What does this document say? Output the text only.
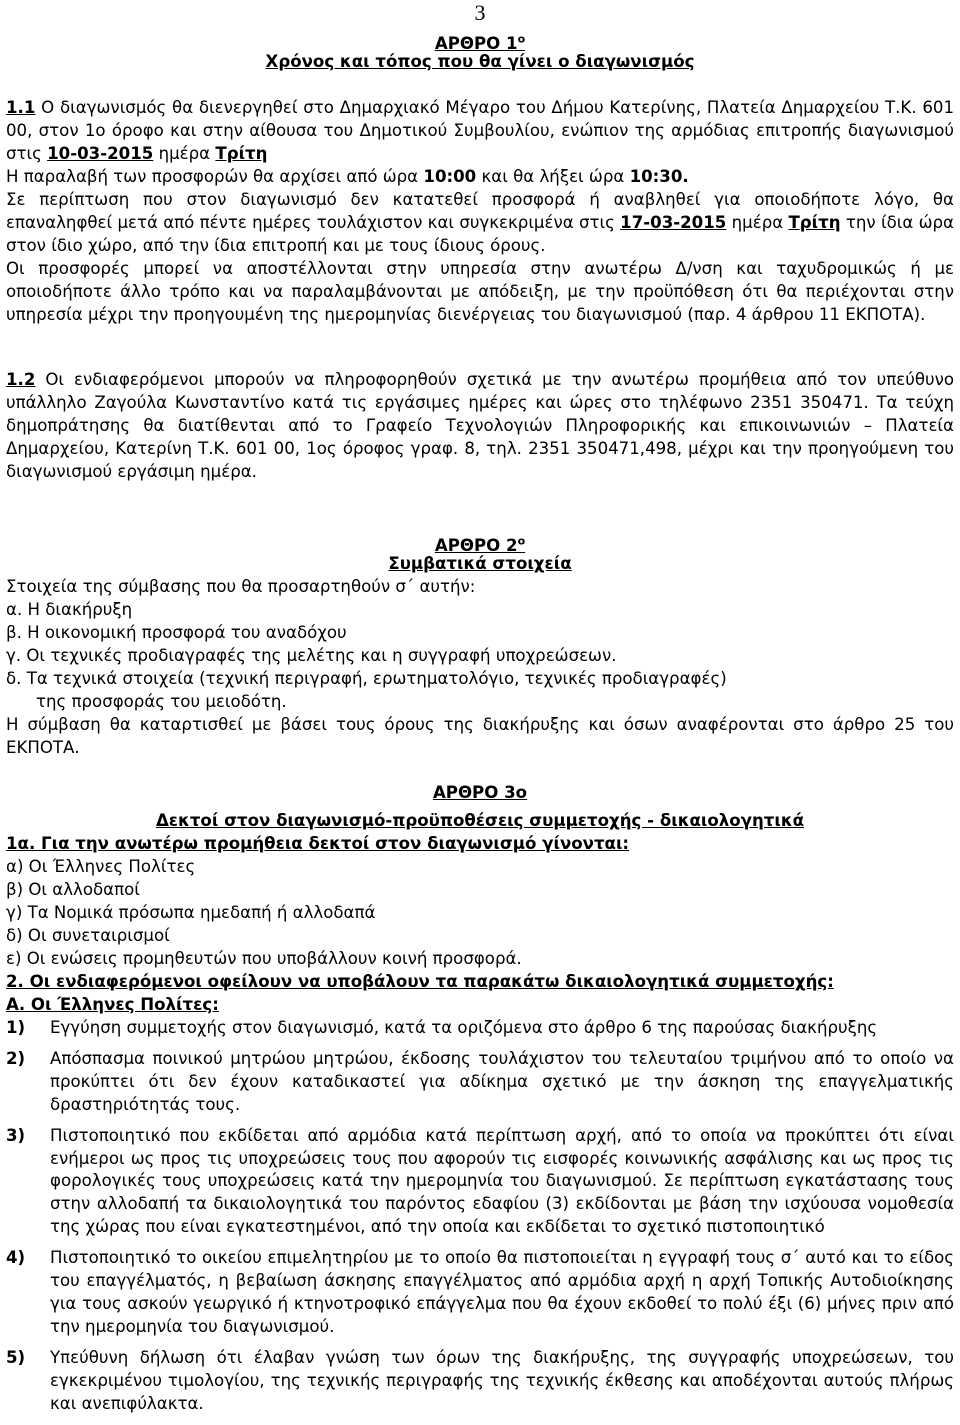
3
ΑΡΘΡΟ $1^o$
Χρόνος και τόπος που θα γίνει ο διαγωνισμός
1.1 Ο διαγωνισμός θα διενεργηθεί στο Δημαρχιακό Μέγαρο του Δήμου Κατερίνης, Πλατεία Δημαρχείου Τ.Κ. 601 00, στον 1ο όροφο και στην αίθουσα του Δημοτικού Συμβουλίου, ενώπιον της αρμόδιας επιτροπής διαγωνισμού στις 10-03-2015 ημέρα Τρίτη
Η παραλαβή των προσφορών θα αρχίσει από ώρα 10:00 και θα λήξει ώρα 10:30.
Σε περίπτωση που στον διαγωνισμό δεν κατατεθεί προσφορά ή αναβληθεί για οποιοδήποτε λόγο, θα επαναληφθεί μετά από πέντε ημέρες τουλάχιστον και συγκεκριμένα στις 17-03-2015 ημέρα Τρίτη την ίδια ώρα στον ίδιο χώρο, από την ίδια επιτροπή και με τους ίδιους όρους.
Οι προσφορές μπορεί να αποστέλλονται στην υπηρεσία στην ανωτέρω Δ/νση και ταχυδρομικώς ή με οποιοδήποτε άλλο τρόπο και να παραλαμβάνονται με απόδειξη, με την προϋπόθεση ότι θα περιέχονται στην υπηρεσία μέχρι την προηγουμένη της ημερομηνίας διενέργειας του διαγωνισμού (παρ. 4 άρθρου 11 ΕΚΠΟΤΑ).
1.2 Οι ενδιαφερόμενοι μπορούν να πληροφορηθούν σχετικά με την ανωτέρω προμήθεια από τον υπεύθυνο υπάλληλο Ζαγούλα Κωνσταντίνο κατά τις εργάσιμες ημέρες και ώρες στο τηλέφωνο 2351 350471. Τα τεύχη δημοπράτησης θα διατίθενται από το Γραφείο Τεχνολογιών Πληροφορικής και επικοινωνιών – Πλατεία Δημαρχείου, Κατερίνη Τ.Κ. 601 00, 1ος όροφος γραφ. 8, τηλ. 2351 350471,498, μέχρι και την προηγούμενη του διαγωνισμού εργάσιμη ημέρα.
ΑΡΘΡΟ $2^o$
Συμβατικά στοιχεία
Στοιχεία της σύμβασης που θα προσαρτηθούν σ΄ αυτήν:
α. Η διακήρυξη
β. Η οικονομική προσφορά του αναδόχου
γ. Οι τεχνικές προδιαγραφές της μελέτης και η συγγραφή υποχρεώσεων.
δ. Τα τεχνικά στοιχεία (τεχνική περιγραφή, ερωτηματολόγιο, τεχνικές προδιαγραφές)
της προσφοράς του μειοδότη.
Η σύμβαση θα καταρτισθεί με βάσει τους όρους της διακήρυξης και όσων αναφέρονται στο άρθρο 25 του ΕΚΠΟΤΑ.
ΑΡΘΡΟ 3ο
Δεκτοί στον διαγωνισμό-προϋποθέσεις συμμετοχής - δικαιολογητικά
1α. Για την ανωτέρω προμήθεια δεκτοί στον διαγωνισμό γίνονται:
α) Οι Έλληνες Πολίτες
β) Οι αλλοδαποί
γ) Τα Νομικά πρόσωπα ημεδαπή ή αλλοδαπά
δ) Οι συνεταιρισμοί
ε) Οι ενώσεις προμηθευτών που υποβάλλουν κοινή προσφορά.
2. Οι ενδιαφερόμενοι οφείλουν να υποβάλουν τα παρακάτω δικαιολογητικά συμμετοχής:
Α. Οι Έλληνες Πολίτες:
1) Εγγύηση συμμετοχής στον διαγωνισμό, κατά τα οριζόμενα στο άρθρο 6 της παρούσας διακήρυξης
2) Απόσπασμα ποινικού μητρώου μητρώου, έκδοσης τουλάχιστον του τελευταίου τριμήνου από το οποίο να προκύπτει ότι δεν έχουν καταδικαστεί για αδίκημα σχετικό με την άσκηση της επαγγελματικής δραστηριότητάς τους.
3) Πιστοποιητικό που εκδίδεται από αρμόδια κατά περίπτωση αρχή, από το οποία να προκύπτει ότι είναι ενήμεροι ως προς τις υποχρεώσεις τους που αφορούν τις εισφορές κοινωνικής ασφάλισης και ως προς τις φορολογικές τους υποχρεώσεις κατά την ημερομηνία του διαγωνισμού. Σε περίπτωση εγκατάστασης τους στην αλλοδαπή τα δικαιολογητικά του παρόντος εδαφίου (3) εκδίδονται με βάση την ισχύουσα νομοθεσία της χώρας που είναι εγκατεστημένοι, από την οποία και εκδίδεται το σχετικό πιστοποιητικό
4) Πιστοποιητικό το οικείου επιμελητηρίου με το οποίο θα πιστοποιείται η εγγραφή τους σ΄ αυτό και το είδος του επαγγέλματός, η βεβαίωση άσκησης επαγγέλματος από αρμόδια αρχή η αρχή Τοπικής Αυτοδιοίκησης για τους ασκούν γεωργικό ή κτηνοτροφικό επάγγελμα που θα έχουν εκδοθεί το πολύ έξι (6) μήνες πριν από την ημερομηνία του διαγωνισμού.
5) Υπεύθυνη δήλωση ότι έλαβαν γνώση των όρων της διακήρυξης, της συγγραφής υποχρεώσεων, του εγκεκριμένου τιμολογίου, της τεχνικής περιγραφής της τεχνικής έκθεσης και αποδέχονται αυτούς πλήρως και ανεπιφύλακτα.
